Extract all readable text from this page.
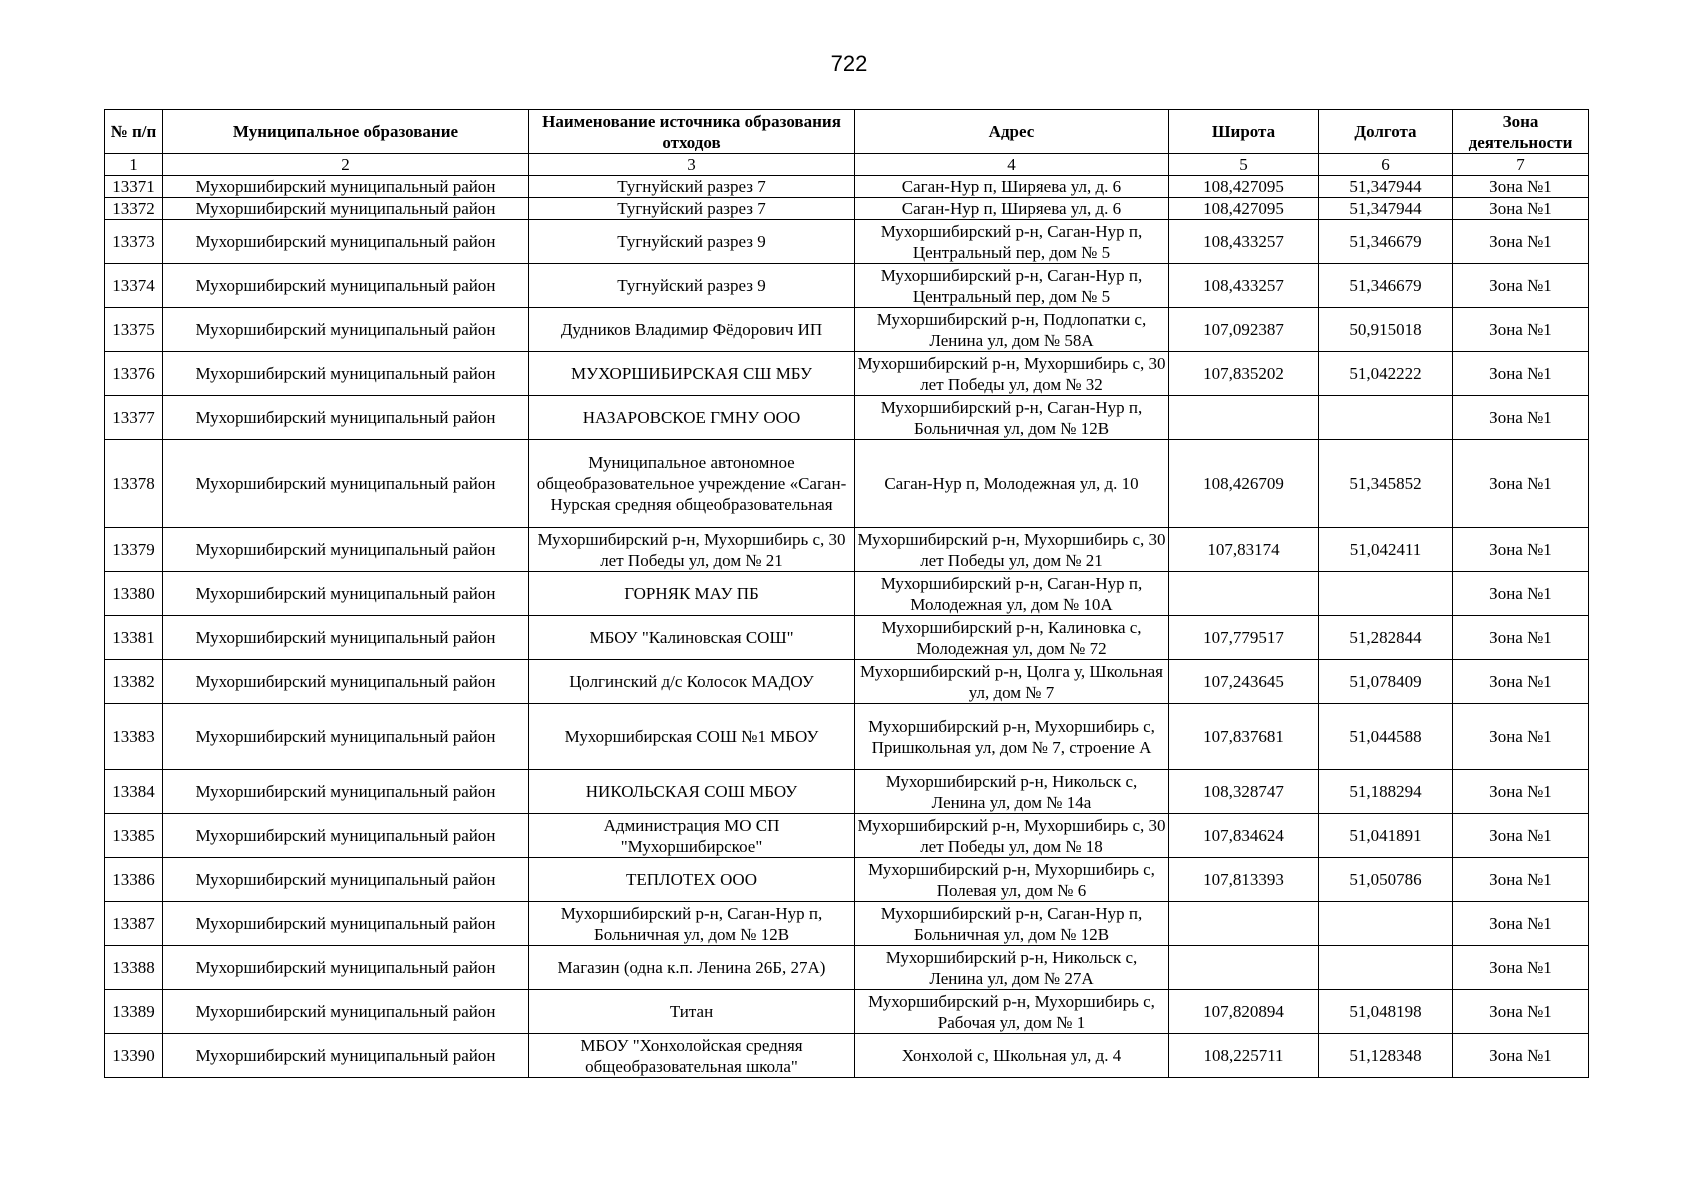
722
№ п/п	Муниципальное образование	Наименование источника образования отходов	Адрес	Широта	Долгота	Зона деятельности
1	2	3	4	5	6	7
13371	Мухоршибирский муниципальный район	Тугнуйский разрез 7	Саган-Нур п, Ширяева ул, д. 6	108,427095	51,347944	Зона №1
13372	Мухоршибирский муниципальный район	Тугнуйский разрез 7	Саган-Нур п, Ширяева ул, д. 6	108,427095	51,347944	Зона №1
13373	Мухоршибирский муниципальный район	Тугнуйский разрез 9	Мухоршибирский р-н, Саган-Нур п, Центральный пер, дом № 5	108,433257	51,346679	Зона №1
13374	Мухоршибирский муниципальный район	Тугнуйский разрез 9	Мухоршибирский р-н, Саган-Нур п, Центральный пер, дом № 5	108,433257	51,346679	Зона №1
13375	Мухоршибирский муниципальный район	Дудников Владимир Фёдорович ИП	Мухоршибирский р-н, Подлопатки с, Ленина ул, дом № 58А	107,092387	50,915018	Зона №1
13376	Мухоршибирский муниципальный район	МУХОРШИБИРСКАЯ СШ МБУ	Мухоршибирский р-н, Мухоршибирь с, 30 лет Победы ул, дом № 32	107,835202	51,042222	Зона №1
13377	Мухоршибирский муниципальный район	НАЗАРОВСКОЕ ГМНУ ООО	Мухоршибирский р-н, Саган-Нур п, Больничная ул, дом № 12В			Зона №1
13378	Мухоршибирский муниципальный район	Муниципальное автономное общеобразовательное учреждение «Саган-Нурская средняя общеобразовательная	Саган-Нур п, Молодежная ул, д. 10	108,426709	51,345852	Зона №1
13379	Мухоршибирский муниципальный район	Мухоршибирский р-н, Мухоршибирь с, 30 лет Победы ул, дом № 21	Мухоршибирский р-н, Мухоршибирь с, 30 лет Победы ул, дом № 21	107,83174	51,042411	Зона №1
13380	Мухоршибирский муниципальный район	ГОРНЯК МАУ ПБ	Мухоршибирский р-н, Саган-Нур п, Молодежная ул, дом № 10А			Зона №1
13381	Мухоршибирский муниципальный район	МБОУ "Калиновская СОШ"	Мухоршибирский р-н, Калиновка с, Молодежная ул, дом № 72	107,779517	51,282844	Зона №1
13382	Мухоршибирский муниципальный район	Цолгинский д/с Колосок МАДОУ	Мухоршибирский р-н, Цолга у, Школьная ул, дом № 7	107,243645	51,078409	Зона №1
13383	Мухоршибирский муниципальный район	Мухоршибирская СОШ №1 МБОУ	Мухоршибирский р-н, Мухоршибирь с, Пришкольная ул, дом № 7, строение А	107,837681	51,044588	Зона №1
13384	Мухоршибирский муниципальный район	НИКОЛЬСКАЯ СОШ МБОУ	Мухоршибирский р-н, Никольск с, Ленина ул, дом № 14а	108,328747	51,188294	Зона №1
13385	Мухоршибирский муниципальный район	Администрация МО СП "Мухоршибирское"	Мухоршибирский р-н, Мухоршибирь с, 30 лет Победы ул, дом № 18	107,834624	51,041891	Зона №1
13386	Мухоршибирский муниципальный район	ТЕПЛОТЕХ ООО	Мухоршибирский р-н, Мухоршибирь с, Полевая ул, дом № 6	107,813393	51,050786	Зона №1
13387	Мухоршибирский муниципальный район	Мухоршибирский р-н, Саган-Нур п, Больничная ул, дом № 12В	Мухоршибирский р-н, Саган-Нур п, Больничная ул, дом № 12В			Зона №1
13388	Мухоршибирский муниципальный район	Магазин (одна к.п. Ленина 26Б, 27А)	Мухоршибирский р-н, Никольск с, Ленина ул, дом № 27А			Зона №1
13389	Мухоршибирский муниципальный район	Титан	Мухоршибирский р-н, Мухоршибирь с, Рабочая ул, дом № 1	107,820894	51,048198	Зона №1
13390	Мухоршибирский муниципальный район	МБОУ "Хонхолойская средняя общеобразовательная школа"	Хонхолой с, Школьная ул, д. 4	108,225711	51,128348	Зона №1
